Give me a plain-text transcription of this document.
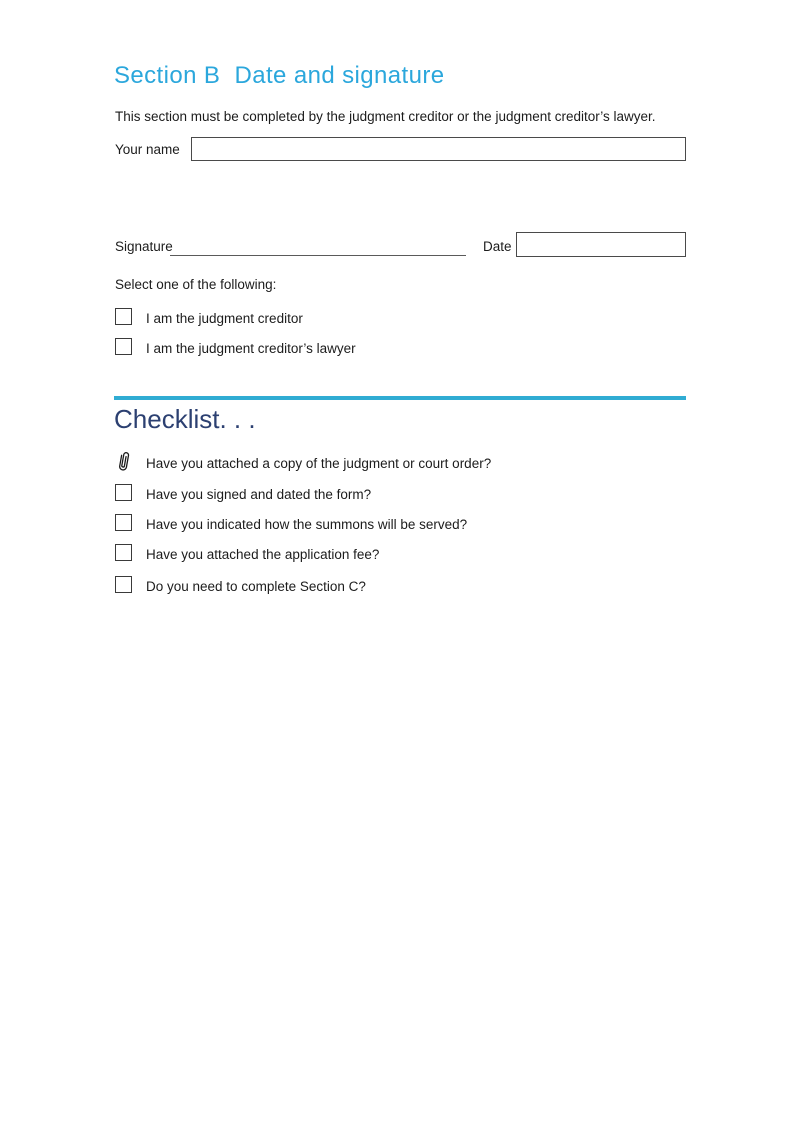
Section B  Date and signature
This section must be completed by the judgment creditor or the judgment creditor’s lawyer.
Your name
Signature	Date
Select one of the following:
I am the judgment creditor
I am the judgment creditor’s lawyer
Checklist. . .
Have you attached a copy of the judgment or court order?
Have you signed and dated the form?
Have you indicated how the summons will be served?
Have you attached the application fee?
Do you need to complete Section C?
